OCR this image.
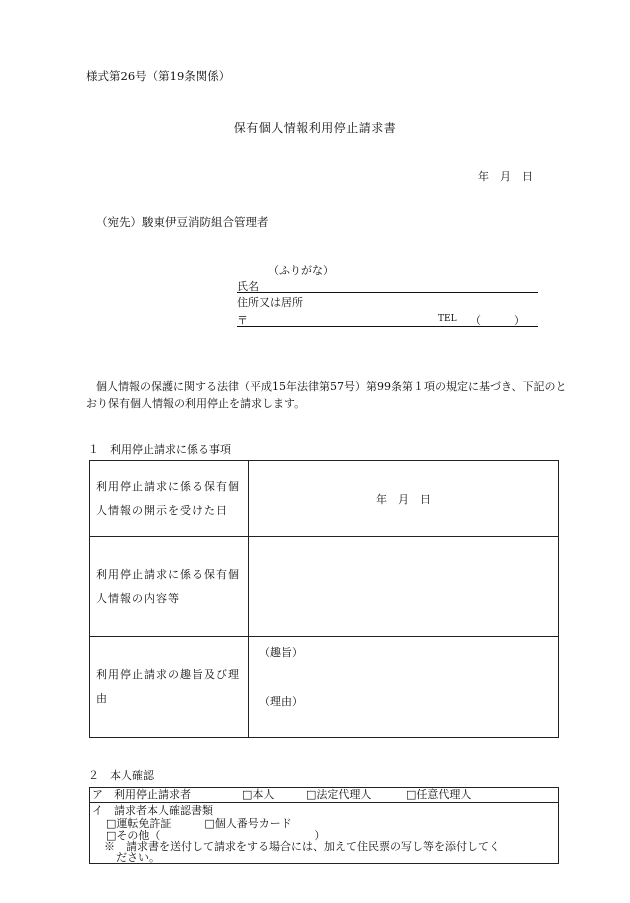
様式第26号（第19条関係）
保有個人情報利用停止請求書
年　月　日
（宛先）駿東伊豆消防組合管理者
（ふりがな）
氏名
住所又は居所
〒	TEL （　　　）
個人情報の保護に関する法律（平成15年法律第57号）第99条第１項の規定に基づき、下記のとおり保有個人情報の利用停止を請求します。
１　利用停止請求に係る事項
利用停止請求に係る保有個人情報の開示を受けた日	年　月　日
利用停止請求に係る保有個人情報の内容等	
利用停止請求の趣旨及び理由	（趣旨）
（理由）
２　本人確認
ア　利用停止請求者	□本人	□法定代理人	□任意代理人
イ　請求者本人確認書類
□運転免許証　　　□個人番号カード
□その他（　　　　　　　　　　　　　　）
※　請求書を送付して請求をする場合には、加えて住民票の写し等を添付してく
ださい。
